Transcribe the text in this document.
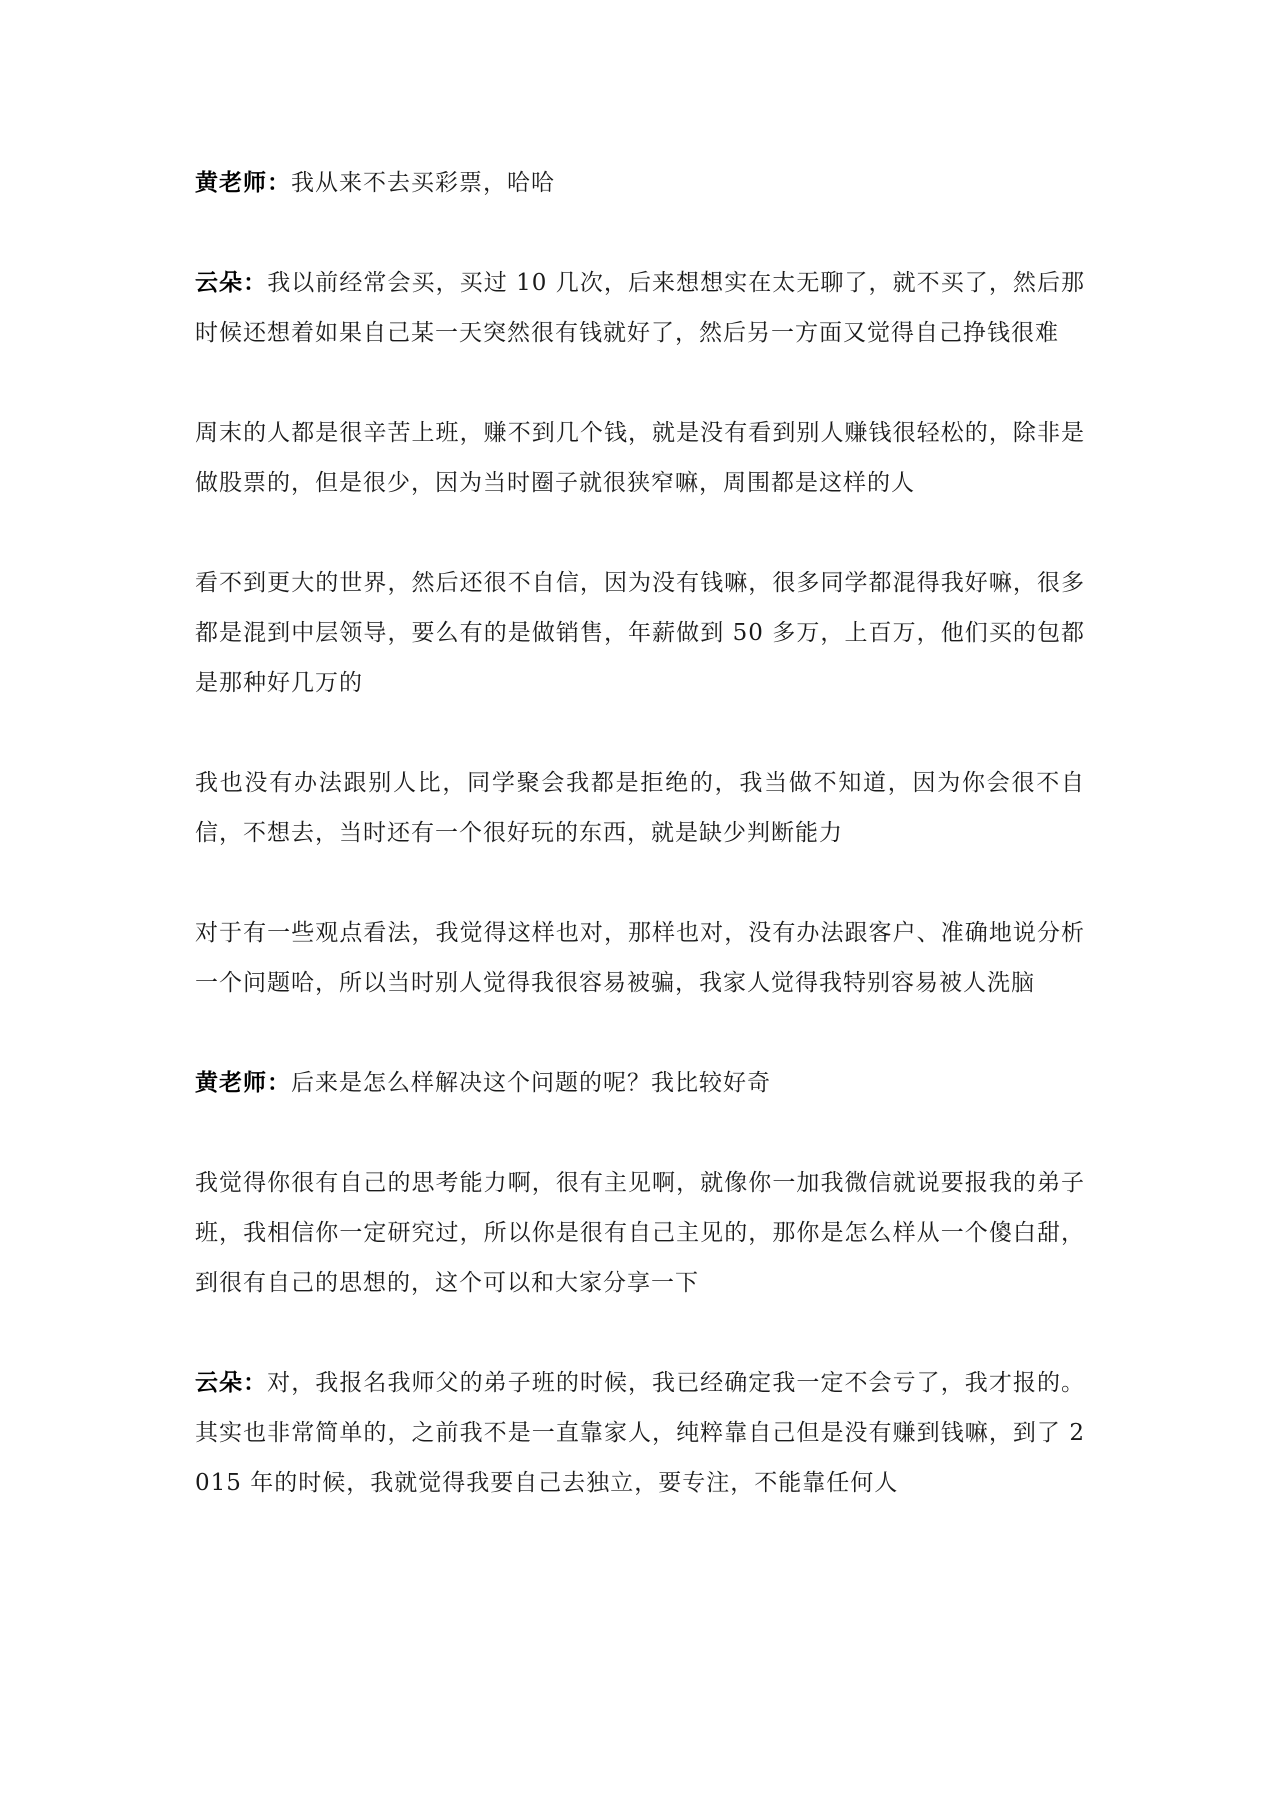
黄老师：我从来不去买彩票，哈哈

云朵：我以前经常会买，买过 10 几次，后来想想实在太无聊了，就不买了，然后那时候还想着如果自己某一天突然很有钱就好了，然后另一方面又觉得自己挣钱很难

周末的人都是很辛苦上班，赚不到几个钱，就是没有看到别人赚钱很轻松的，除非是做股票的，但是很少，因为当时圈子就很狭窄嘛，周围都是这样的人

看不到更大的世界，然后还很不自信，因为没有钱嘛，很多同学都混得我好嘛，很多都是混到中层领导，要么有的是做销售，年薪做到 50 多万，上百万，他们买的包都是那种好几万的

我也没有办法跟别人比，同学聚会我都是拒绝的，我当做不知道，因为你会很不自信，不想去，当时还有一个很好玩的东西，就是缺少判断能力

对于有一些观点看法，我觉得这样也对，那样也对，没有办法跟客户、准确地说分析一个问题哈，所以当时别人觉得我很容易被骗，我家人觉得我特别容易被人洗脑

黄老师：后来是怎么样解决这个问题的呢？我比较好奇

我觉得你很有自己的思考能力啊，很有主见啊，就像你一加我微信就说要报我的弟子班，我相信你一定研究过，所以你是很有自己主见的，那你是怎么样从一个傻白甜，到很有自己的思想的，这个可以和大家分享一下

云朵：对，我报名我师父的弟子班的时候，我已经确定我一定不会亏了，我才报的。其实也非常简单的，之前我不是一直靠家人，纯粹靠自己但是没有赚到钱嘛，到了 2015 年的时候，我就觉得我要自己去独立，要专注，不能靠任何人
